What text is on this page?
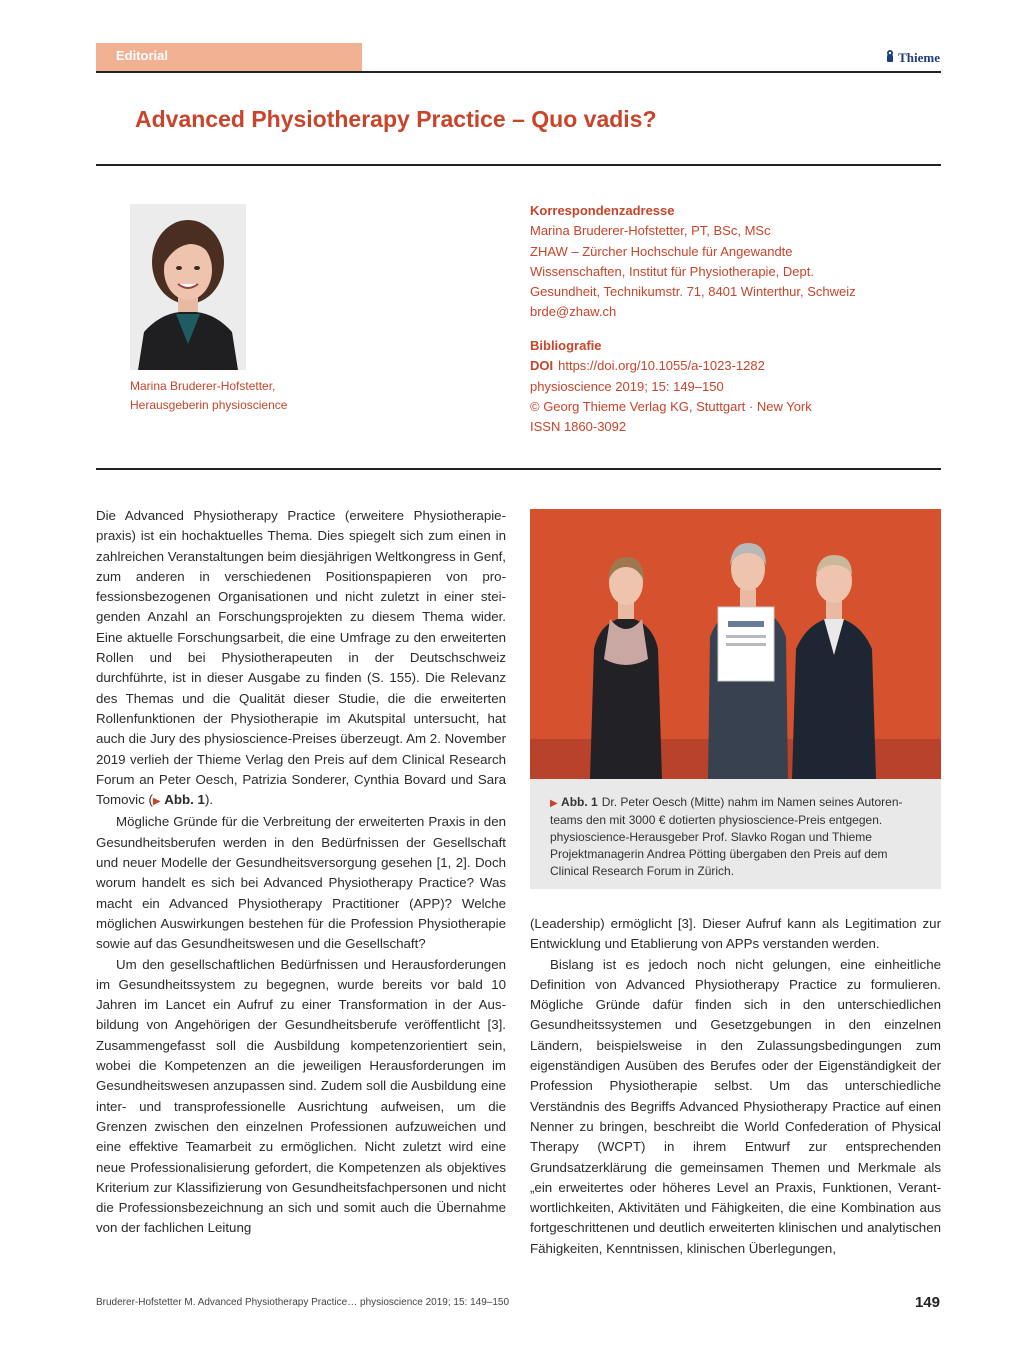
Editorial	Thieme
Advanced Physiotherapy Practice – Quo vadis?
Marina Bruderer-Hofstetter,
Herausgeberin physioscience
Korrespondenzadresse
Marina Bruderer-Hofstetter, PT, BSc, MSc
ZHAW – Zürcher Hochschule für Angewandte
Wissenschaften, Institut für Physiotherapie, Dept.
Gesundheit, Technikumstr. 71, 8401 Winterthur, Schweiz
brde@zhaw.ch
Bibliografie
DOI https://doi.org/10.1055/a-1023-1282
physioscience 2019; 15: 149–150
© Georg Thieme Verlag KG, Stuttgart · New York
ISSN 1860-3092

Die Advanced Physiotherapy Practice (erweitere Physiotherapiepraxis) ist ein hochaktuelles Thema. Dies spiegelt sich zum einen in zahlreichen Veranstaltungen beim diesjährigen Weltkongress in Genf, zum anderen in verschiedenen Positionspapieren von professionsbezogenen Organisationen und nicht zuletzt in einer steigenden Anzahl an Forschungsprojekten zu diesem Thema wider. Eine aktuelle Forschungsarbeit, die eine Umfrage zu den erweiterten Rollen und bei Physiotherapeuten in der Deutschschweiz durchführte, ist in dieser Ausgabe zu finden (S. 155). Die Relevanz des Themas und die Qualität dieser Studie, die die erweiterten Rollenfunktionen der Physiotherapie im Akutspital untersucht, hat auch die Jury des physioscience-Preises überzeugt. Am 2. November 2019 verlieh der Thieme Verlag den Preis auf dem Clinical Research Forum an Peter Oesch, Patrizia Sonderer, Cynthia Bovard und Sara Tomovic (▶ Abb. 1).

Mögliche Gründe für die Verbreitung der erweiterten Praxis in den Gesundheitsberufen werden in den Bedürfnissen der Gesellschaft und neuer Modelle der Gesundheitsversorgung gesehen [1, 2]. Doch worum handelt es sich bei Advanced Physiotherapy Practice? Was macht ein Advanced Physiotherapy Practitioner (APP)? Welche möglichen Auswirkungen bestehen für die Profession Physiotherapie sowie auf das Gesundheitswesen und die Gesellschaft?

Um den gesellschaftlichen Bedürfnissen und Herausforderungen im Gesundheitssystem zu begegnen, wurde bereits vor bald 10 Jahren im Lancet ein Aufruf zu einer Transformation in der Ausbildung von Angehörigen der Gesundheitsberufe veröffentlicht [3]. Zusammengefasst soll die Ausbildung kompetenzorientiert sein, wobei die Kompetenzen an die jeweiligen Herausforderungen im Gesundheitswesen anzupassen sind. Zudem soll die Ausbildung eine inter- und transprofessionelle Ausrichtung aufweisen, um die Grenzen zwischen den einzelnen Professionen aufzuweichen und eine effektive Teamarbeit zu ermöglichen. Nicht zuletzt wird eine neue Professionalisierung gefordert, die Kompetenzen als objektives Kriterium zur Klassifizierung von Gesundheitsfachpersonen und nicht die Professionsbezeichnung an sich und somit auch die Übernahme von der fachlichen Leitung

▶ Abb. 1 Dr. Peter Oesch (Mitte) nahm im Namen seines Autorenteams den mit 3000 € dotierten physioscience-Preis entgegen. physioscience-Herausgeber Prof. Slavko Rogan und Thieme Projektmanagerin Andrea Pötting übergaben den Preis auf dem Clinical Research Forum in Zürich.

(Leadership) ermöglicht [3]. Dieser Aufruf kann als Legitimation zur Entwicklung und Etablierung von APPs verstanden werden.

Bislang ist es jedoch noch nicht gelungen, eine einheitliche Definition von Advanced Physiotherapy Practice zu formulieren. Mögliche Gründe dafür finden sich in den unterschiedlichen Gesundheitssystemen und Gesetzgebungen in den einzelnen Ländern, beispielsweise in den Zulassungsbedingungen zum eigenständigen Ausüben des Berufes oder der Eigenständigkeit der Profession Physiotherapie selbst. Um das unterschiedliche Verständnis des Begriffs Advanced Physiotherapy Practice auf einen Nenner zu bringen, beschreibt die World Confederation of Physical Therapy (WCPT) in ihrem Entwurf zur entsprechenden Grundsatzerklärung die gemeinsamen Themen und Merkmale als „ein erweitertes oder höheres Level an Praxis, Funktionen, Verantwortlichkeiten, Aktivitäten und Fähigkeiten, die eine Kombination aus fortgeschrittenen und deutlich erweiterten klinischen und analytischen Fähigkeiten, Kenntnissen, klinischen Überlegungen,

Bruderer-Hofstetter M. Advanced Physiotherapy Practice… physioscience 2019; 15: 149–150	149
